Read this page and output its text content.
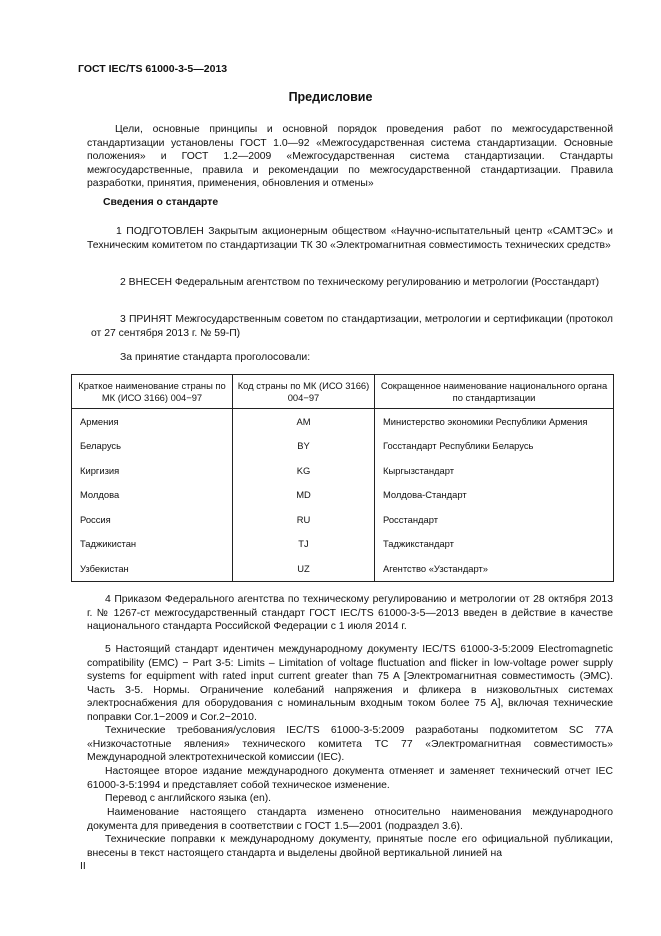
ГОСТ IEC/TS 61000-3-5—2013
Предисловие
Цели, основные принципы и основной порядок проведения работ по межгосударственной стандартизации установлены ГОСТ 1.0—92 «Межгосударственная система стандартизации. Основные положения» и ГОСТ 1.2—2009 «Межгосударственная система стандартизации. Стандарты межгосударственные, правила и рекомендации по межгосударственной стандартизации. Правила разработки, принятия, применения, обновления и отмены»
Сведения о стандарте
1 ПОДГОТОВЛЕН Закрытым акционерным обществом «Научно-испытательный центр «САМТЭС» и Техническим комитетом по стандартизации ТК 30 «Электромагнитная совместимость технических средств»
2 ВНЕСЕН Федеральным агентством по техническому регулированию и метрологии (Росстандарт)
3 ПРИНЯТ Межгосударственным советом по стандартизации, метрологии и сертификации (протокол от 27 сентября 2013 г. № 59-П)
За принятие стандарта проголосовали:
Краткое наименование страны по МК (ИСО 3166) 004−97	Код страны по МК (ИСО 3166) 004−97	Сокращенное наименование национального органа по стандартизации
Армения	AM	Министерство экономики Республики Армения
Беларусь	BY	Госстандарт Республики Беларусь
Киргизия	KG	Кыргызстандарт
Молдова	MD	Молдова-Стандарт
Россия	RU	Росстандарт
Таджикистан	TJ	Таджикстандарт
Узбекистан	UZ	Агентство «Узстандарт»
4 Приказом Федерального агентства по техническому регулированию и метрологии от 28 октября 2013 г. № 1267-ст межгосударственный стандарт ГОСТ IEC/TS 61000-3-5—2013 введен в действие в качестве национального стандарта Российской Федерации с 1 июля 2014 г.
5 Настоящий стандарт идентичен международному документу IEC/TS 61000-3-5:2009 Electromagnetic compatibility (EMC) − Part 3-5: Limits – Limitation of voltage fluctuation and flicker in low-voltage power supply systems for equipment with rated input current greater than 75 A [Электромагнитная совместимость (ЭМС). Часть 3-5. Нормы. Ограничение колебаний напряжения и фликера в низковольтных системах электроснабжения для оборудования с номинальным входным током более 75 А], включая технические поправки Cor.1−2009 и Cor.2−2010.
Технические требования/условия IEC/TS 61000-3-5:2009 разработаны подкомитетом SC 77A «Низкочастотные явления» технического комитета TC 77 «Электромагнитная совместимость» Международной электротехнической комиссии (IEC).
Настоящее второе издание международного документа отменяет и заменяет технический отчет IEC 61000-3-5:1994 и представляет собой техническое изменение.
Перевод с английского языка (en).
Наименование настоящего стандарта изменено относительно наименования международного документа для приведения в соответствии с ГОСТ 1.5—2001 (подраздел 3.6).
Технические поправки к международному документу, принятые после его официальной публикации, внесены в текст настоящего стандарта и выделены двойной вертикальной линией на
II
